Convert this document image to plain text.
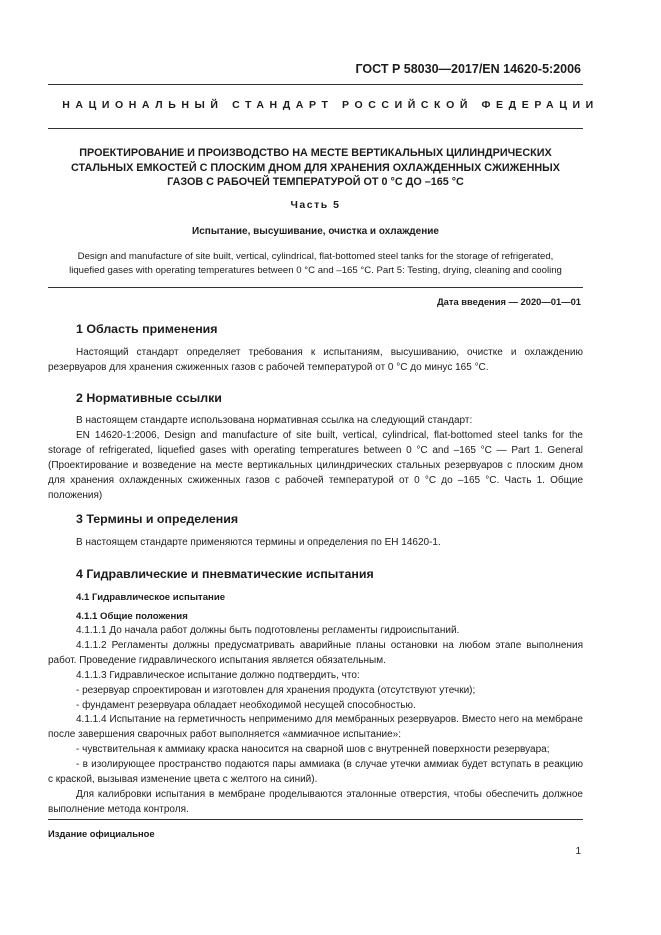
ГОСТ Р 58030—2017/EN 14620-5:2006
НАЦИОНАЛЬНЫЙ СТАНДАРТ РОССИЙСКОЙ ФЕДЕРАЦИИ
ПРОЕКТИРОВАНИЕ И ПРОИЗВОДСТВО НА МЕСТЕ ВЕРТИКАЛЬНЫХ ЦИЛИНДРИЧЕСКИХ
СТАЛЬНЫХ ЕМКОСТЕЙ С ПЛОСКИМ ДНОМ ДЛЯ ХРАНЕНИЯ ОХЛАЖДЕННЫХ СЖИЖЕННЫХ
ГАЗОВ С РАБОЧЕЙ ТЕМПЕРАТУРОЙ ОТ 0 °С ДО –165 °С
Часть 5
Испытание, высушивание, очистка и охлаждение
Design and manufacture of site built, vertical, cylindrical, flat-bottomed steel tanks for the storage of refrigerated,
liquefied gases with operating temperatures between 0 °C and –165 °C. Part 5: Testing, drying, cleaning and cooling
Дата введения — 2020—01—01
1 Область применения

Настоящий стандарт определяет требования к испытаниям, высушиванию, очистке и охлаждению резервуаров для хранения сжиженных газов с рабочей температурой от 0 °С до минус 165 °С.

2 Нормативные ссылки

В настоящем стандарте использована нормативная ссылка на следующий стандарт:

EN 14620-1:2006, Design and manufacture of site built, vertical, cylindrical, flat-bottomed steel tanks for the storage of refrigerated, liquefied gases with operating temperatures between 0 °C and –165 °C — Part 1. General (Проектирование и возведение на месте вертикальных цилиндрических стальных резервуаров с плоским дном для хранения охлажденных сжиженных газов с рабочей температурой от 0 °С до –165 °С. Часть 1. Общие положения)

3 Термины и определения

В настоящем стандарте применяются термины и определения по ЕН 14620-1.

4 Гидравлические и пневматические испытания
4.1 Гидравлическое испытание
4.1.1 Общие положения

4.1.1.1 До начала работ должны быть подготовлены регламенты гидроиспытаний.

4.1.1.2 Регламенты должны предусматривать аварийные планы остановки на любом этапе выполнения работ. Проведение гидравлического испытания является обязательным.

4.1.1.3 Гидравлическое испытание должно подтвердить, что:

- резервуар спроектирован и изготовлен для хранения продукта (отсутствуют утечки);

- фундамент резервуара обладает необходимой несущей способностью.

4.1.1.4 Испытание на герметичность неприменимо для мембранных резервуаров. Вместо него на мембране после завершения сварочных работ выполняется «аммиачное испытание»:

- чувствительная к аммиаку краска наносится на сварной шов с внутренней поверхности резервуара;

- в изолирующее пространство подаются пары аммиака (в случае утечки аммиак будет вступать в реакцию с краской, вызывая изменение цвета с желтого на синий).

Для калибровки испытания в мембране проделываются эталонные отверстия, чтобы обеспечить должное выполнение метода контроля.

Издание официальное
1
